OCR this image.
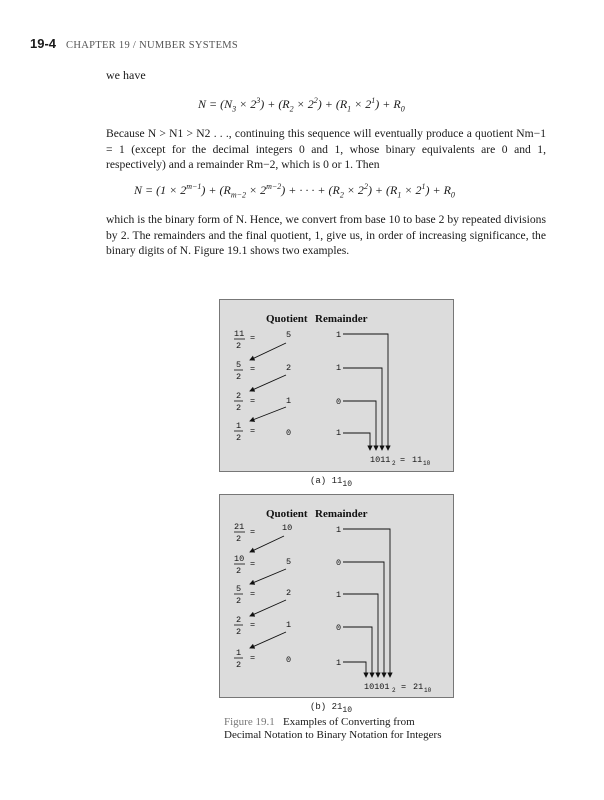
19-4 CHAPTER 19 / NUMBER SYSTEMS
we have
$N = (N_3 \times 2^3) + (R_2 \times 2^2) + (R_1 \times 2^1) + R_0$
Because N > N1 > N2 . . ., continuing this sequence will eventually produce a quotient Nm−1 = 1 (except for the decimal integers 0 and 1, whose binary equivalents are 0 and 1, respectively) and a remainder Rm−2, which is 0 or 1. Then
$N = (1 \times 2^{m-1}) + (R_{m-2} \times 2^{m-2})$ + · · · + $(R_2 \times 2^2) + (R_1 \times 2^1) + R_0$
which is the binary form of N. Hence, we convert from base 10 to base 2 by repeated divisions by 2. The remainders and the final quotient, 1, give us, in order of increasing significance, the binary digits of N. Figure 19.1 shows two examples.
Quotient Remainder
11
2
=	5	1
5
2
=	2	1
2
2
=	1	0
1
2
=	0	1
1011 2 = 11 10
(a) $11_{10}$
Quotient Remainder
21
2
=	10	1
10
2
=	5	0
5
2
=	2	1
2
2
=	1	0
1
2
=	0	1
10101 2 = 21 10
(b) $21_{10}$
Figure 19.1 Examples of Converting from Decimal Notation to Binary Notation for Integers
